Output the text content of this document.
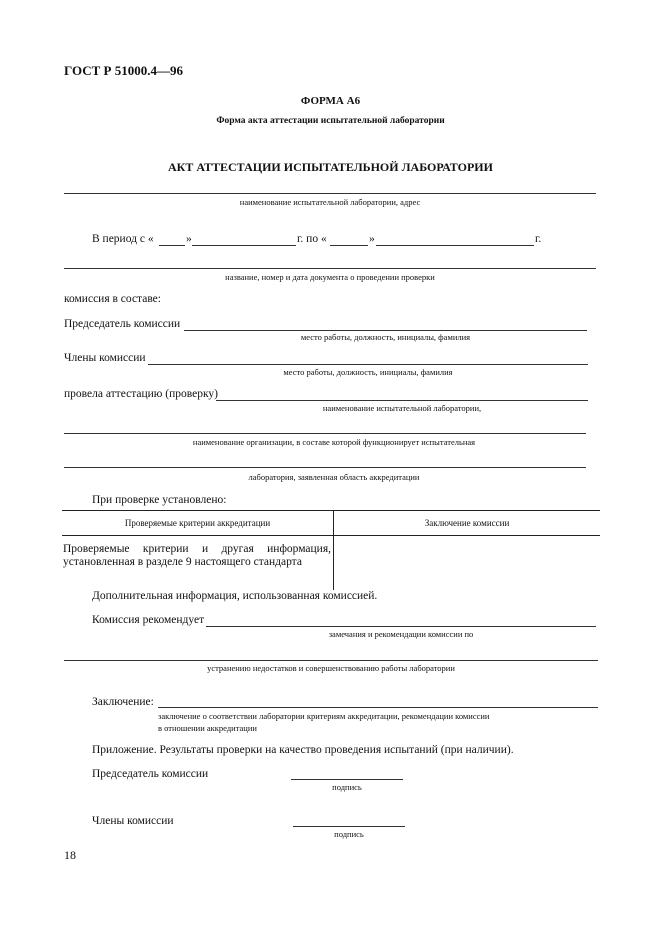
ГОСТ Р 51000.4—96
ФОРМА А6
Форма акта аттестации испытательной лаборатории
АКТ АТТЕСТАЦИИ ИСПЫТАТЕЛЬНОЙ ЛАБОРАТОРИИ
наименование испытательной лаборатории, адрес
В период с «	»	г. по «	»	г.
название, номер и дата документа о проведении проверки
комиссия в составе:
Председатель комиссии
место работы, должность, инициалы, фамилия
Члены комиссии
место работы, должность, инициалы, фамилия
провела аттестацию (проверку)
наименование испытательной лаборатории,
наименование организации, в составе которой функционирует испытательная
лаборатория, заявленная область аккредитации
При проверке установлено:
Проверяемые критерии аккредитации	Заключение комиссии
Проверяемые критерии и другая информация, установленная в разделе 9 настоящего стандарта	
Дополнительная информация, использованная комиссией.
Комиссия рекомендует
замечания и рекомендации комиссии по
устранению недостатков и совершенствованию работы лаборатории
Заключение:
заключение о соответствии лаборатории критериям аккредитации, рекомендации комиссии
в отношении аккредитации
Приложение. Результаты проверки на качество проведения испытаний (при наличии).
Председатель комиссии
подпись
Члены комиссии
подпись
18
